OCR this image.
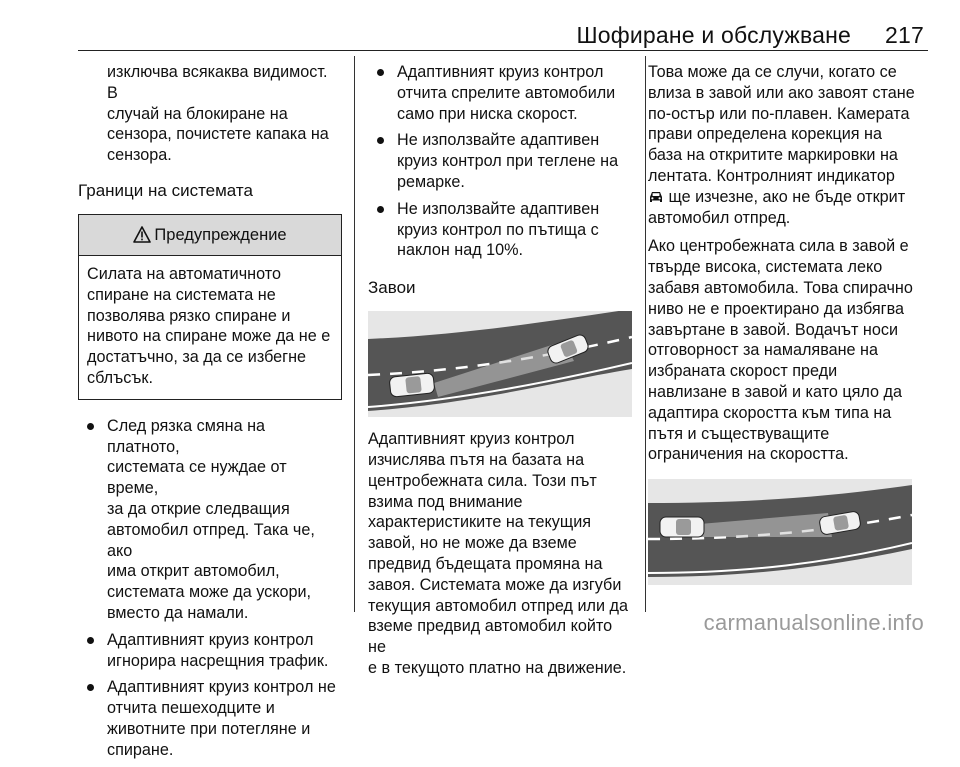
Шофиране и обслужване 217
изключва всякаква видимост. В
случай на блокиране на
сензора, почистете капака на
сензора.
Граници на системата
Предупреждение
Силата на автоматичното
спиране на системата не
позволява рязко спиране и
нивото на спиране може да не е
достатъчно, за да се избегне
сблъсък.
След рязка смяна на платното,
системата се нуждае от време,
за да открие следващия
автомобил отпред. Така че, ако
има открит автомобил,
системата може да ускори,
вместо да намали.
Адаптивният круиз контрол
игнорира насрещния трафик.
Адаптивният круиз контрол не
отчита пешеходците и
животните при потегляне и
спиране.
Адаптивният круиз контрол
отчита спрелите автомобили
само при ниска скорост.
Не използвайте адаптивен
круиз контрол при теглене на
ремарке.
Не използвайте адаптивен
круиз контрол по пътища с
наклон над 10%.
Завои
Адаптивният круиз контрол
изчислява пътя на базата на
центробежната сила. Този път
взима под внимание
характеристиките на текущия
завой, но не може да вземе
предвид бъдещата промяна на
завоя. Системата може да изгуби
текущия автомобил отпред или да
вземе предвид автомобил който не
е в текущото платно на движение.

Това може да се случи, когато се
влиза в завой или ако завоят стане
по-остър или по-плавен. Камерата
прави определена корекция на
база на откритите маркировки на
лентата. Контролният индикатор
ще изчезне, ако не бъде открит
автомобил отпред.

Ако центробежната сила в завой е
твърде висока, системата леко
забавя автомобила. Това спирачно
ниво не е проектирано да избягва
завъртане в завой. Водачът носи
отговорност за намаляване на
избраната скорост преди
навлизане в завой и като цяло да
адаптира скоростта към типа на
пътя и съществуващите
ограничения на скоростта.

carmanualsonline.info
